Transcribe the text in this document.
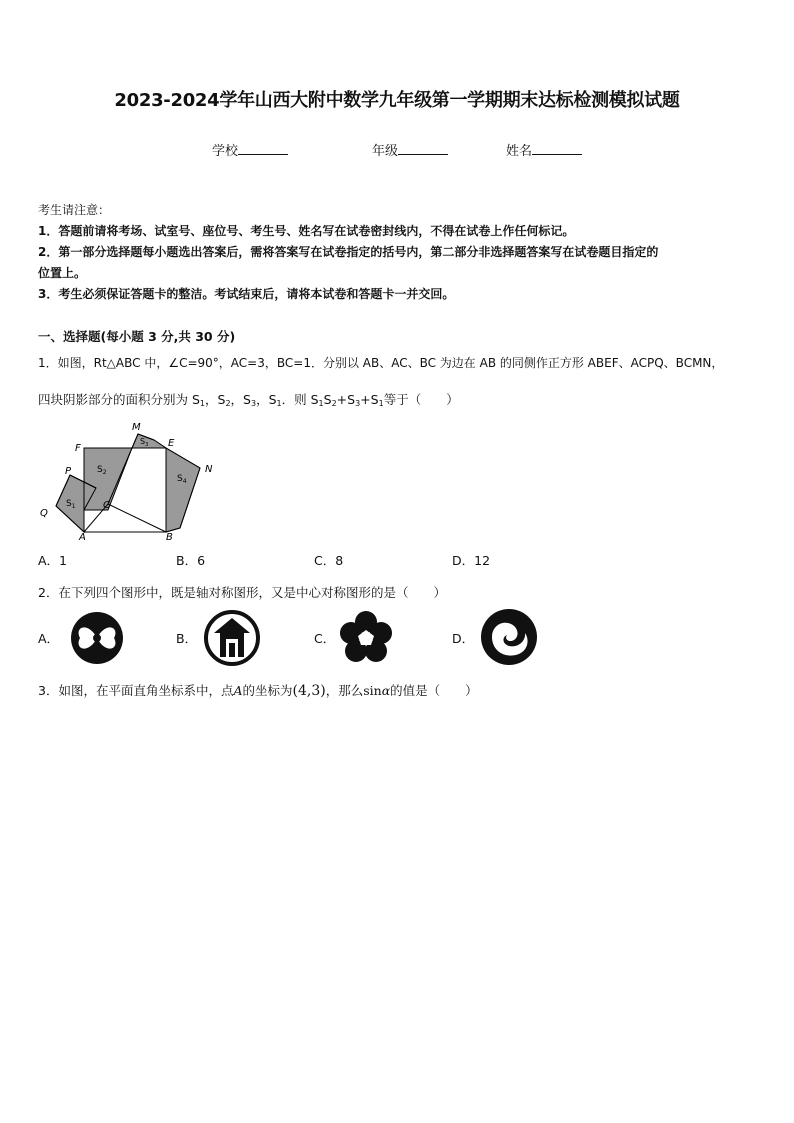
2023-2024学年山西大附中数学九年级第一学期期末达标检测模拟试题
学校	年级	姓名
考生请注意：
1．答题前请将考场、试室号、座位号、考生号、姓名写在试卷密封线内，不得在试卷上作任何标记。
2．第一部分选择题每小题选出答案后，需将答案写在试卷指定的括号内，第二部分非选择题答案写在试卷题目指定的
位置上。
3．考生必须保证答题卡的整洁。考试结束后，请将本试卷和答题卡一并交回。
一、选择题(每小题 3 分,共 30 分)
1．如图，Rt△ABC 中，∠C=90°，AC=3，BC=1．分别以 AB、AC、BC 为边在 AB 的同侧作正方形 ABEF、ACPQ、BCMN，
四块阴影部分的面积分别为 $S_1$，$S_2$，$S_3$，$S_1$．则 $S_1S_2+S_3+S_1$等于（　　）
M
E
F
N
P
C
Q
A	B
$S_1$
$S_2$
$S_3$
$S_4$
A．1	B．6	C．8	D．12
2．在下列四个图形中，既是轴对称图形，又是中心对称图形的是（　　）
A．	B．	C．	D．
3．如图，在平面直角坐标系中，点A的坐标为(4,3)，那么sinα的值是（　　）
